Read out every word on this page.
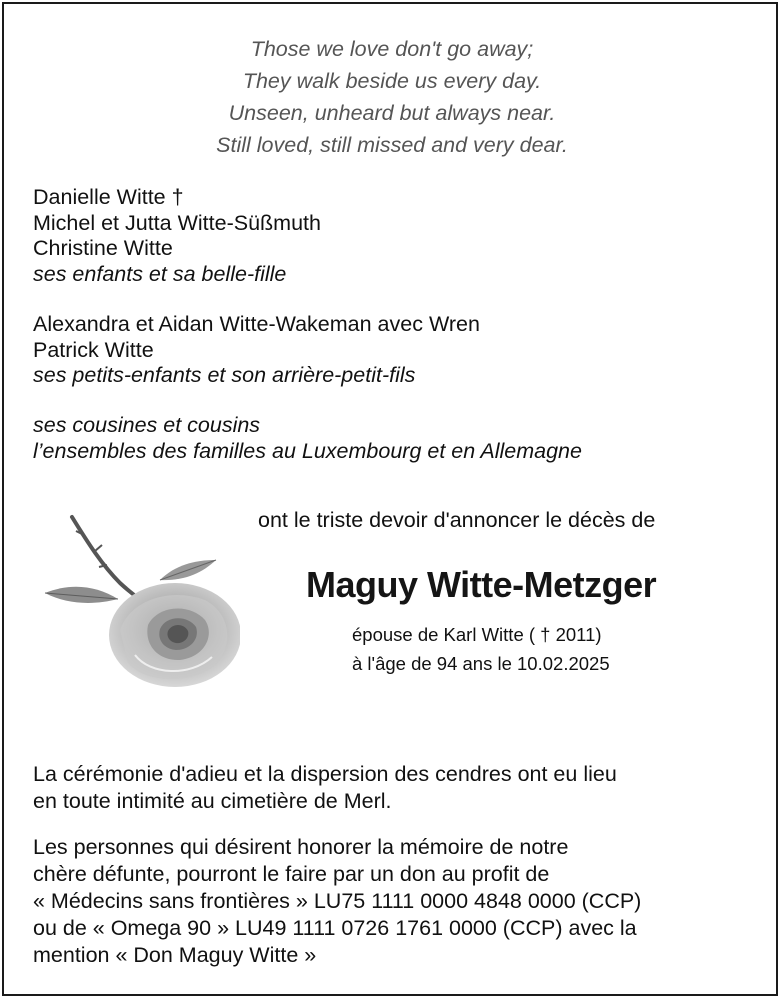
Those we love don't go away;
They walk beside us every day.
Unseen, unheard but always near.
Still loved, still missed and very dear.
Danielle Witte †
Michel et Jutta Witte-Süßmuth
Christine Witte
ses enfants et sa belle-fille
Alexandra et Aidan Witte-Wakeman avec Wren
Patrick Witte
ses petits-enfants et son arrière-petit-fils
ses cousines et cousins
l’ensembles des familles au Luxembourg et en Allemagne
ont le triste devoir d'annoncer le décès de
Maguy Witte-Metzger
épouse de Karl Witte ( † 2011)
à l'âge de 94 ans le 10.02.2025
La cérémonie d'adieu et la dispersion des cendres ont eu lieu
en toute intimité au cimetière de Merl.
Les personnes qui désirent honorer la mémoire de notre
chère défunte, pourront le faire par un don au profit de
« Médecins sans frontières » LU75 1111 0000 4848 0000 (CCP)
ou de « Omega 90 » LU49 1111 0726 1761 0000 (CCP) avec la
mention « Don Maguy Witte »
